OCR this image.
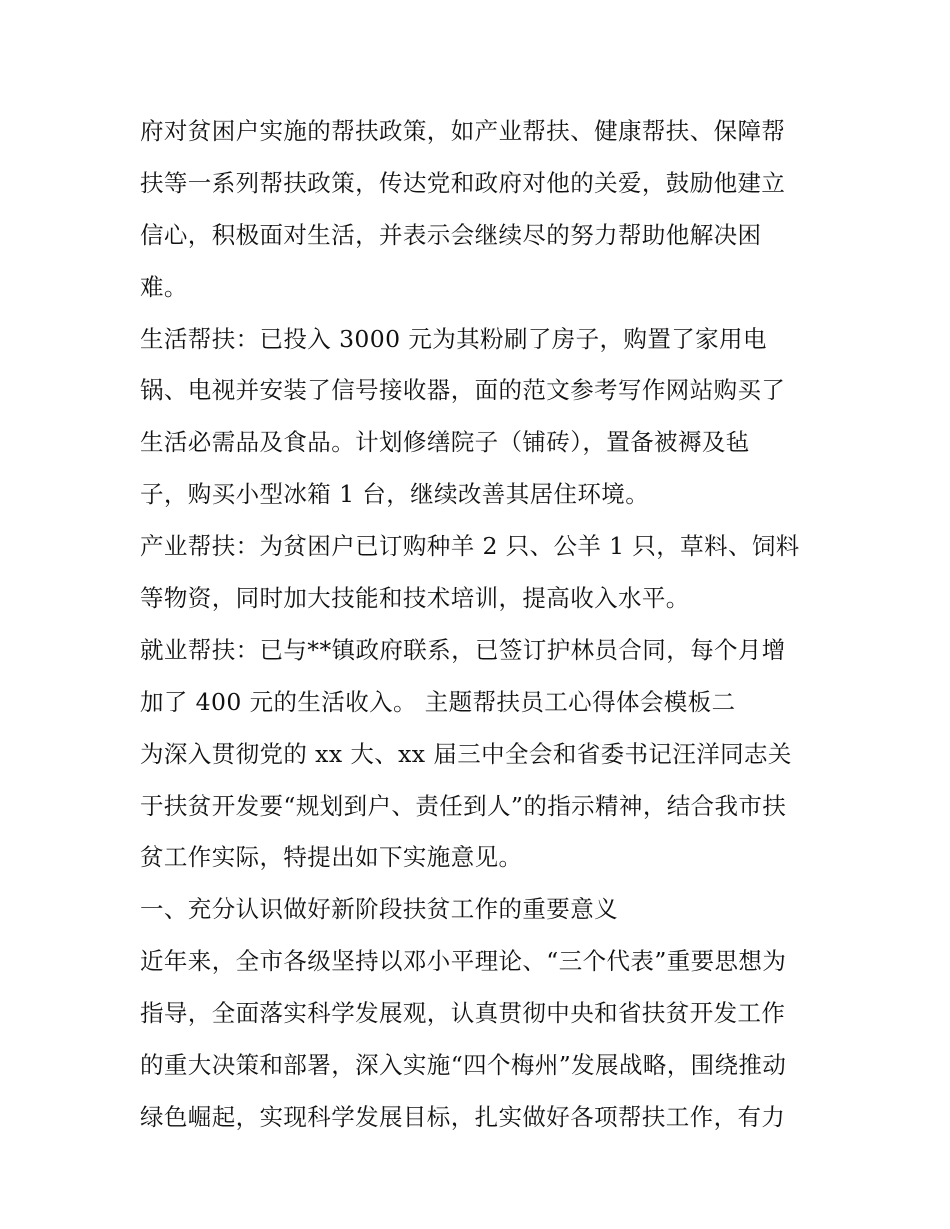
府对贫困户实施的帮扶政策，如产业帮扶、健康帮扶、保障帮
扶等一系列帮扶政策，传达党和政府对他的关爱，鼓励他建立
信心，积极面对生活，并表示会继续尽的努力帮助他解决困
难。
生活帮扶：已投入 3000 元为其粉刷了房子，购置了家用电
锅、电视并安装了信号接收器，面的范文参考写作网站购买了
生活必需品及食品。计划修缮院子（铺砖），置备被褥及毡
子，购买小型冰箱 1 台，继续改善其居住环境。
产业帮扶：为贫困户已订购种羊 2 只、公羊 1 只，草料、饲料
等物资，同时加大技能和技术培训，提高收入水平。
就业帮扶：已与**镇政府联系，已签订护林员合同，每个月增
加了 400 元的生活收入。 主题帮扶员工心得体会模板二
为深入贯彻党的 xx 大、xx 届三中全会和省委书记汪洋同志关
于扶贫开发要“规划到户、责任到人”的指示精神，结合我市扶
贫工作实际，特提出如下实施意见。
一、充分认识做好新阶段扶贫工作的重要意义
近年来，全市各级坚持以邓小平理论、“三个代表”重要思想为
指导，全面落实科学发展观，认真贯彻中央和省扶贫开发工作
的重大决策和部署，深入实施“四个梅州”发展战略，围绕推动
绿色崛起，实现科学发展目标，扎实做好各项帮扶工作，有力
